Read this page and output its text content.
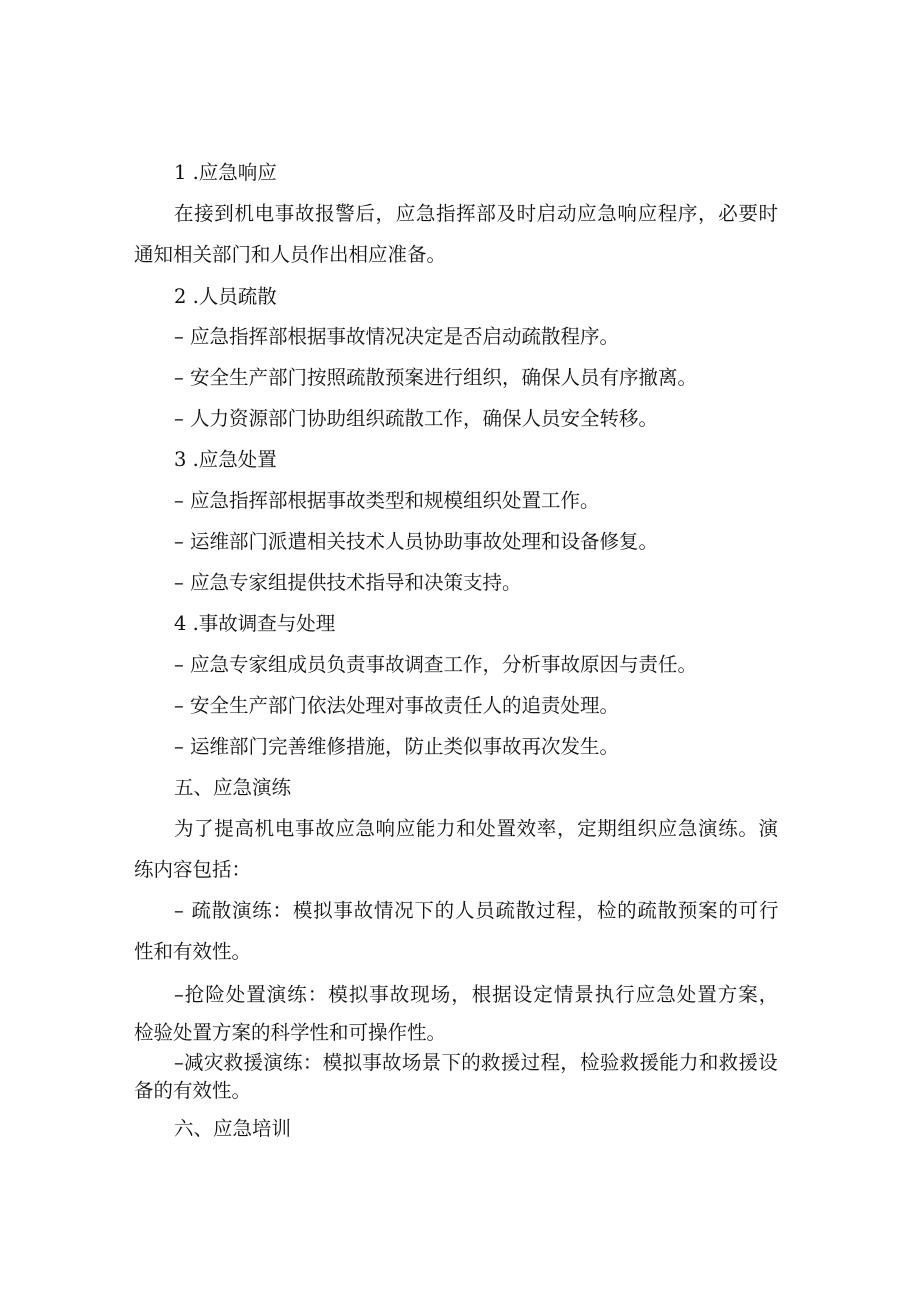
1 .应急响应
在接到机电事故报警后，应急指挥部及时启动应急响应程序，必要时
通知相关部门和人员作出相应准备。
2 .人员疏散
– 应急指挥部根据事故情况决定是否启动疏散程序。
– 安全生产部门按照疏散预案进行组织，确保人员有序撤离。
– 人力资源部门协助组织疏散工作，确保人员安全转移。
3 .应急处置
– 应急指挥部根据事故类型和规模组织处置工作。
– 运维部门派遣相关技术人员协助事故处理和设备修复。
– 应急专家组提供技术指导和决策支持。
4 .事故调查与处理
– 应急专家组成员负责事故调查工作，分析事故原因与责任。
– 安全生产部门依法处理对事故责任人的追责处理。
– 运维部门完善维修措施，防止类似事故再次发生。
五、应急演练
为了提高机电事故应急响应能力和处置效率，定期组织应急演练。演
练内容包括：
– 疏散演练：模拟事故情况下的人员疏散过程，检的疏散预案的可行
性和有效性。
–抢险处置演练：模拟事故现场，根据设定情景执行应急处置方案，
检验处置方案的科学性和可操作性。
–减灾救援演练：模拟事故场景下的救援过程，检验救援能力和救援设
备的有效性。
六、应急培训
